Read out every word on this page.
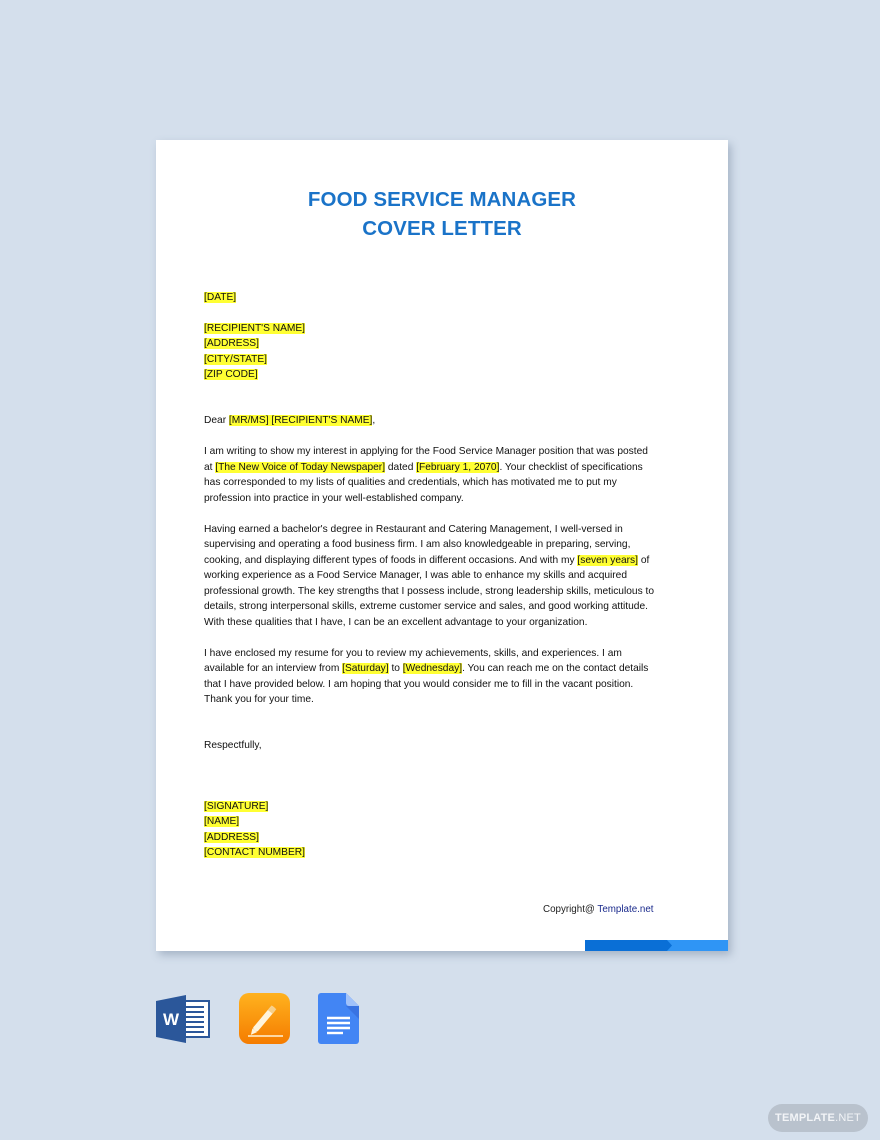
FOOD SERVICE MANAGER
COVER LETTER
[DATE]
[RECIPIENT'S NAME]
[ADDRESS]
[CITY/STATE]
[ZIP CODE]
Dear [MR/MS] [RECIPIENT'S NAME],
I am writing to show my interest in applying for the Food Service Manager position that was posted
at [The New Voice of Today Newspaper] dated [February 1, 2070]. Your checklist of specifications
has corresponded to my lists of qualities and credentials, which has motivated me to put my
profession into practice in your well-established company.
Having earned a bachelor's degree in Restaurant and Catering Management, I well-versed in
supervising and operating a food business firm. I am also knowledgeable in preparing, serving,
cooking, and displaying different types of foods in different occasions. And with my [seven years] of
working experience as a Food Service Manager, I was able to enhance my skills and acquired
professional growth. The key strengths that I possess include, strong leadership skills, meticulous to
details, strong interpersonal skills, extreme customer service and sales, and good working attitude.
With these qualities that I have, I can be an excellent advantage to your organization.
I have enclosed my resume for you to review my achievements, skills, and experiences. I am
available for an interview from [Saturday] to [Wednesday]. You can reach me on the contact details
that I have provided below. I am hoping that you would consider me to fill in the vacant position.
Thank you for your time.
Respectfully,
[SIGNATURE]
[NAME]
[ADDRESS]
[CONTACT NUMBER]
Copyright@ Template.net
W
TEMPLATE.NET
